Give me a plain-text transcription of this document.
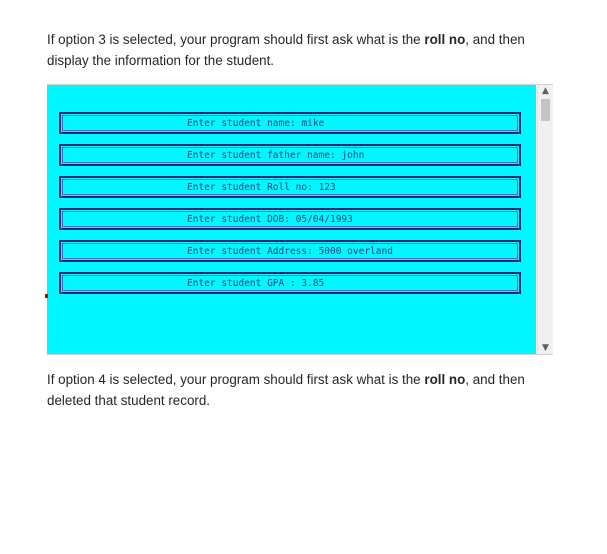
If option 3 is selected, your program should first ask what is the roll no, and then display the information for the student.

Enter student name: mike
Enter student father name: john
Enter student Roll no: 123
Enter student DOB: 05/04/1993
Enter student Address: 5000 overland
Enter student GPA : 3.85
▲
▼

If option 4 is selected, your program should first ask what is the roll no, and then deleted that student record.
